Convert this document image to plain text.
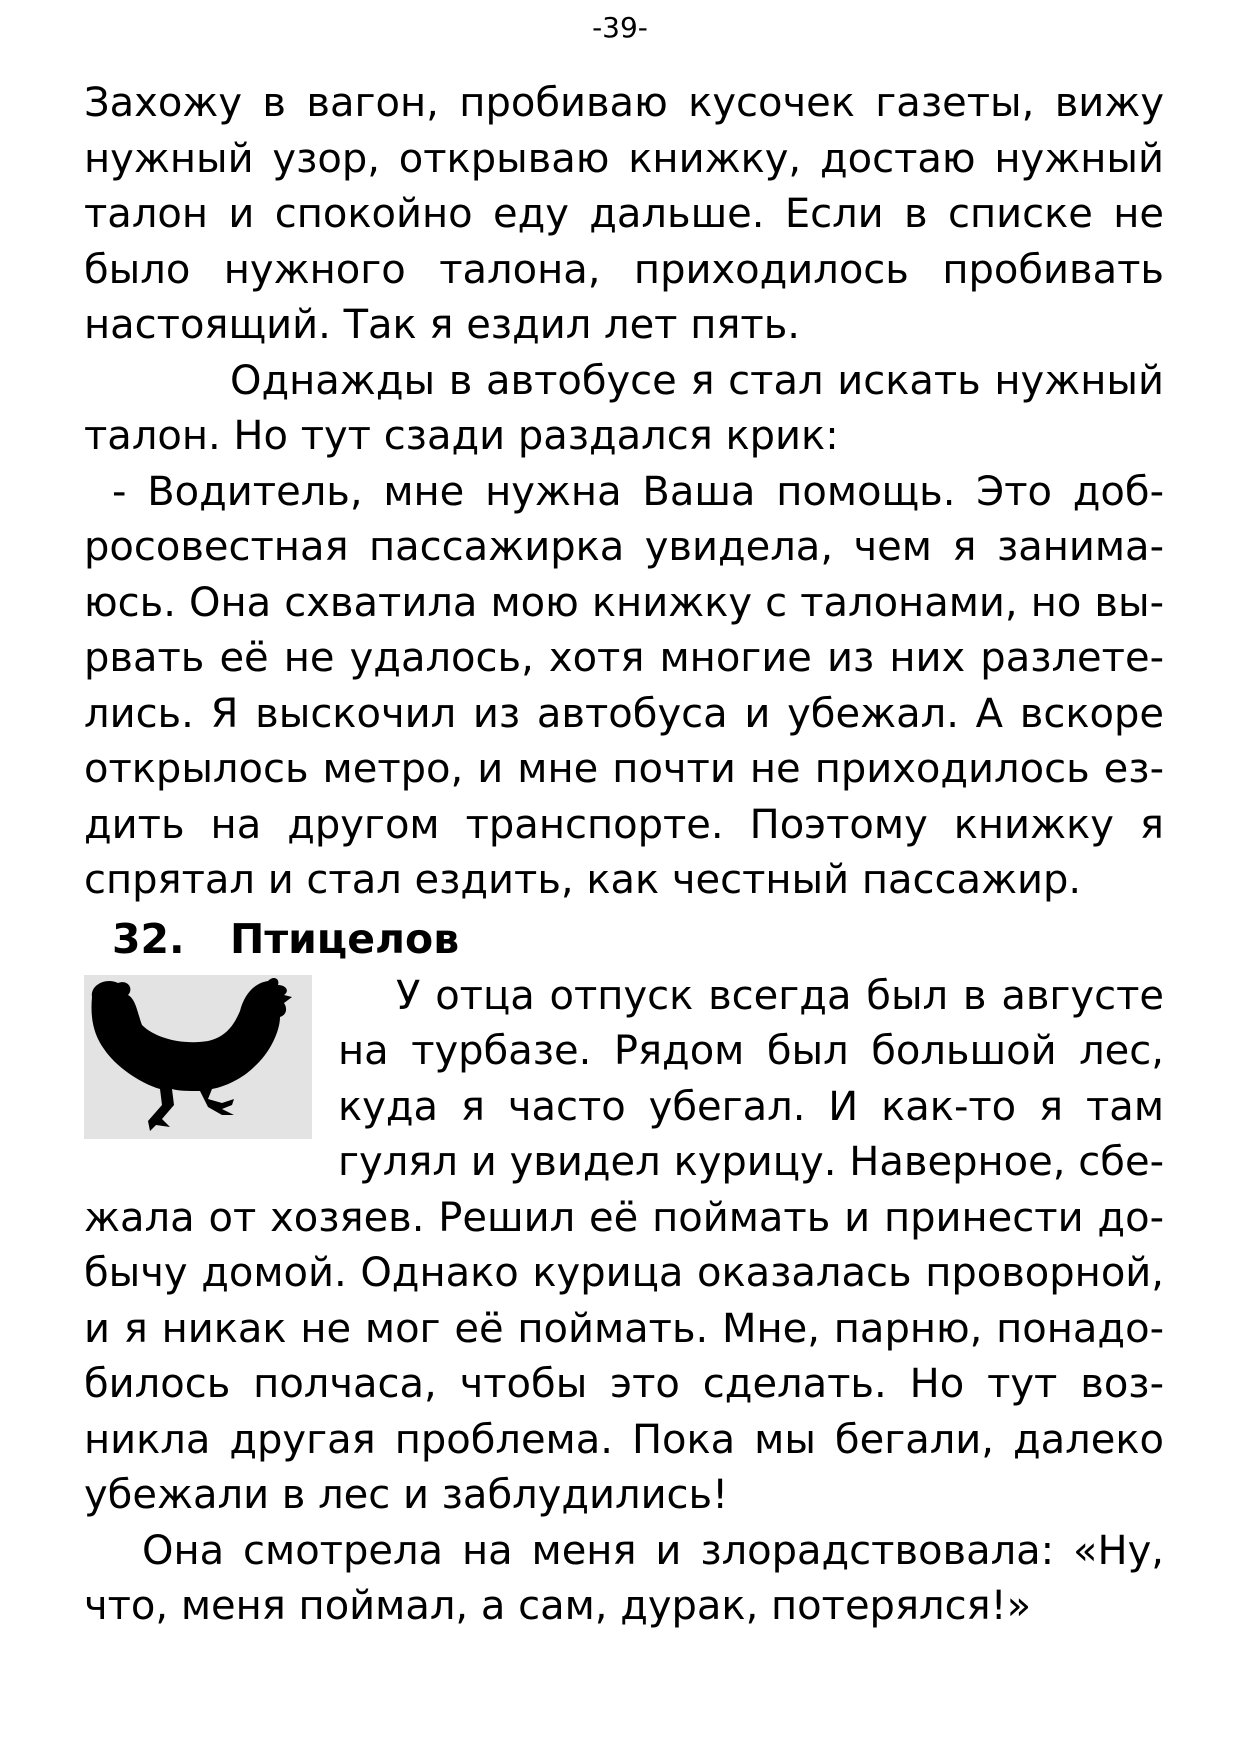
-39-

Захожу в вагон, пробиваю кусочек газеты, вижу нужный узор, открываю книжку, достаю нужный талон и спокойно еду дальше. Если в списке не было нужного талона, приходилось пробивать настоящий. Так я ездил лет пять.

Однажды в автобусе я стал искать нужный талон. Но тут сзади раздался крик:

- Водитель, мне нужна Ваша помощь. Это добросовестная пассажирка увидела, чем я занимаюсь. Она схватила мою книжку с талонами, но вырвать её не удалось, хотя многие из них разлетелись. Я выскочил из автобуса и убежал. А вскоре открылось метро, и мне почти не приходилось ездить на другом транспорте. Поэтому книжку я спрятал и стал ездить, как честный пассажир.

32. Птицелов

У отца отпуск всегда был в августе на турбазе. Рядом был большой лес, куда я часто убегал. И как-то я там гулял и увидел курицу. Наверное, сбежала от хозяев. Решил её поймать и принести добычу домой. Однако курица оказалась проворной, и я никак не мог её поймать. Мне, парню, понадобилось полчаса, чтобы это сделать. Но тут возникла другая проблема. Пока мы бегали, далеко убежали в лес и заблудились!

Она смотрела на меня и злорадствовала: «Ну, что, меня поймал, а сам, дурак, потерялся!»
